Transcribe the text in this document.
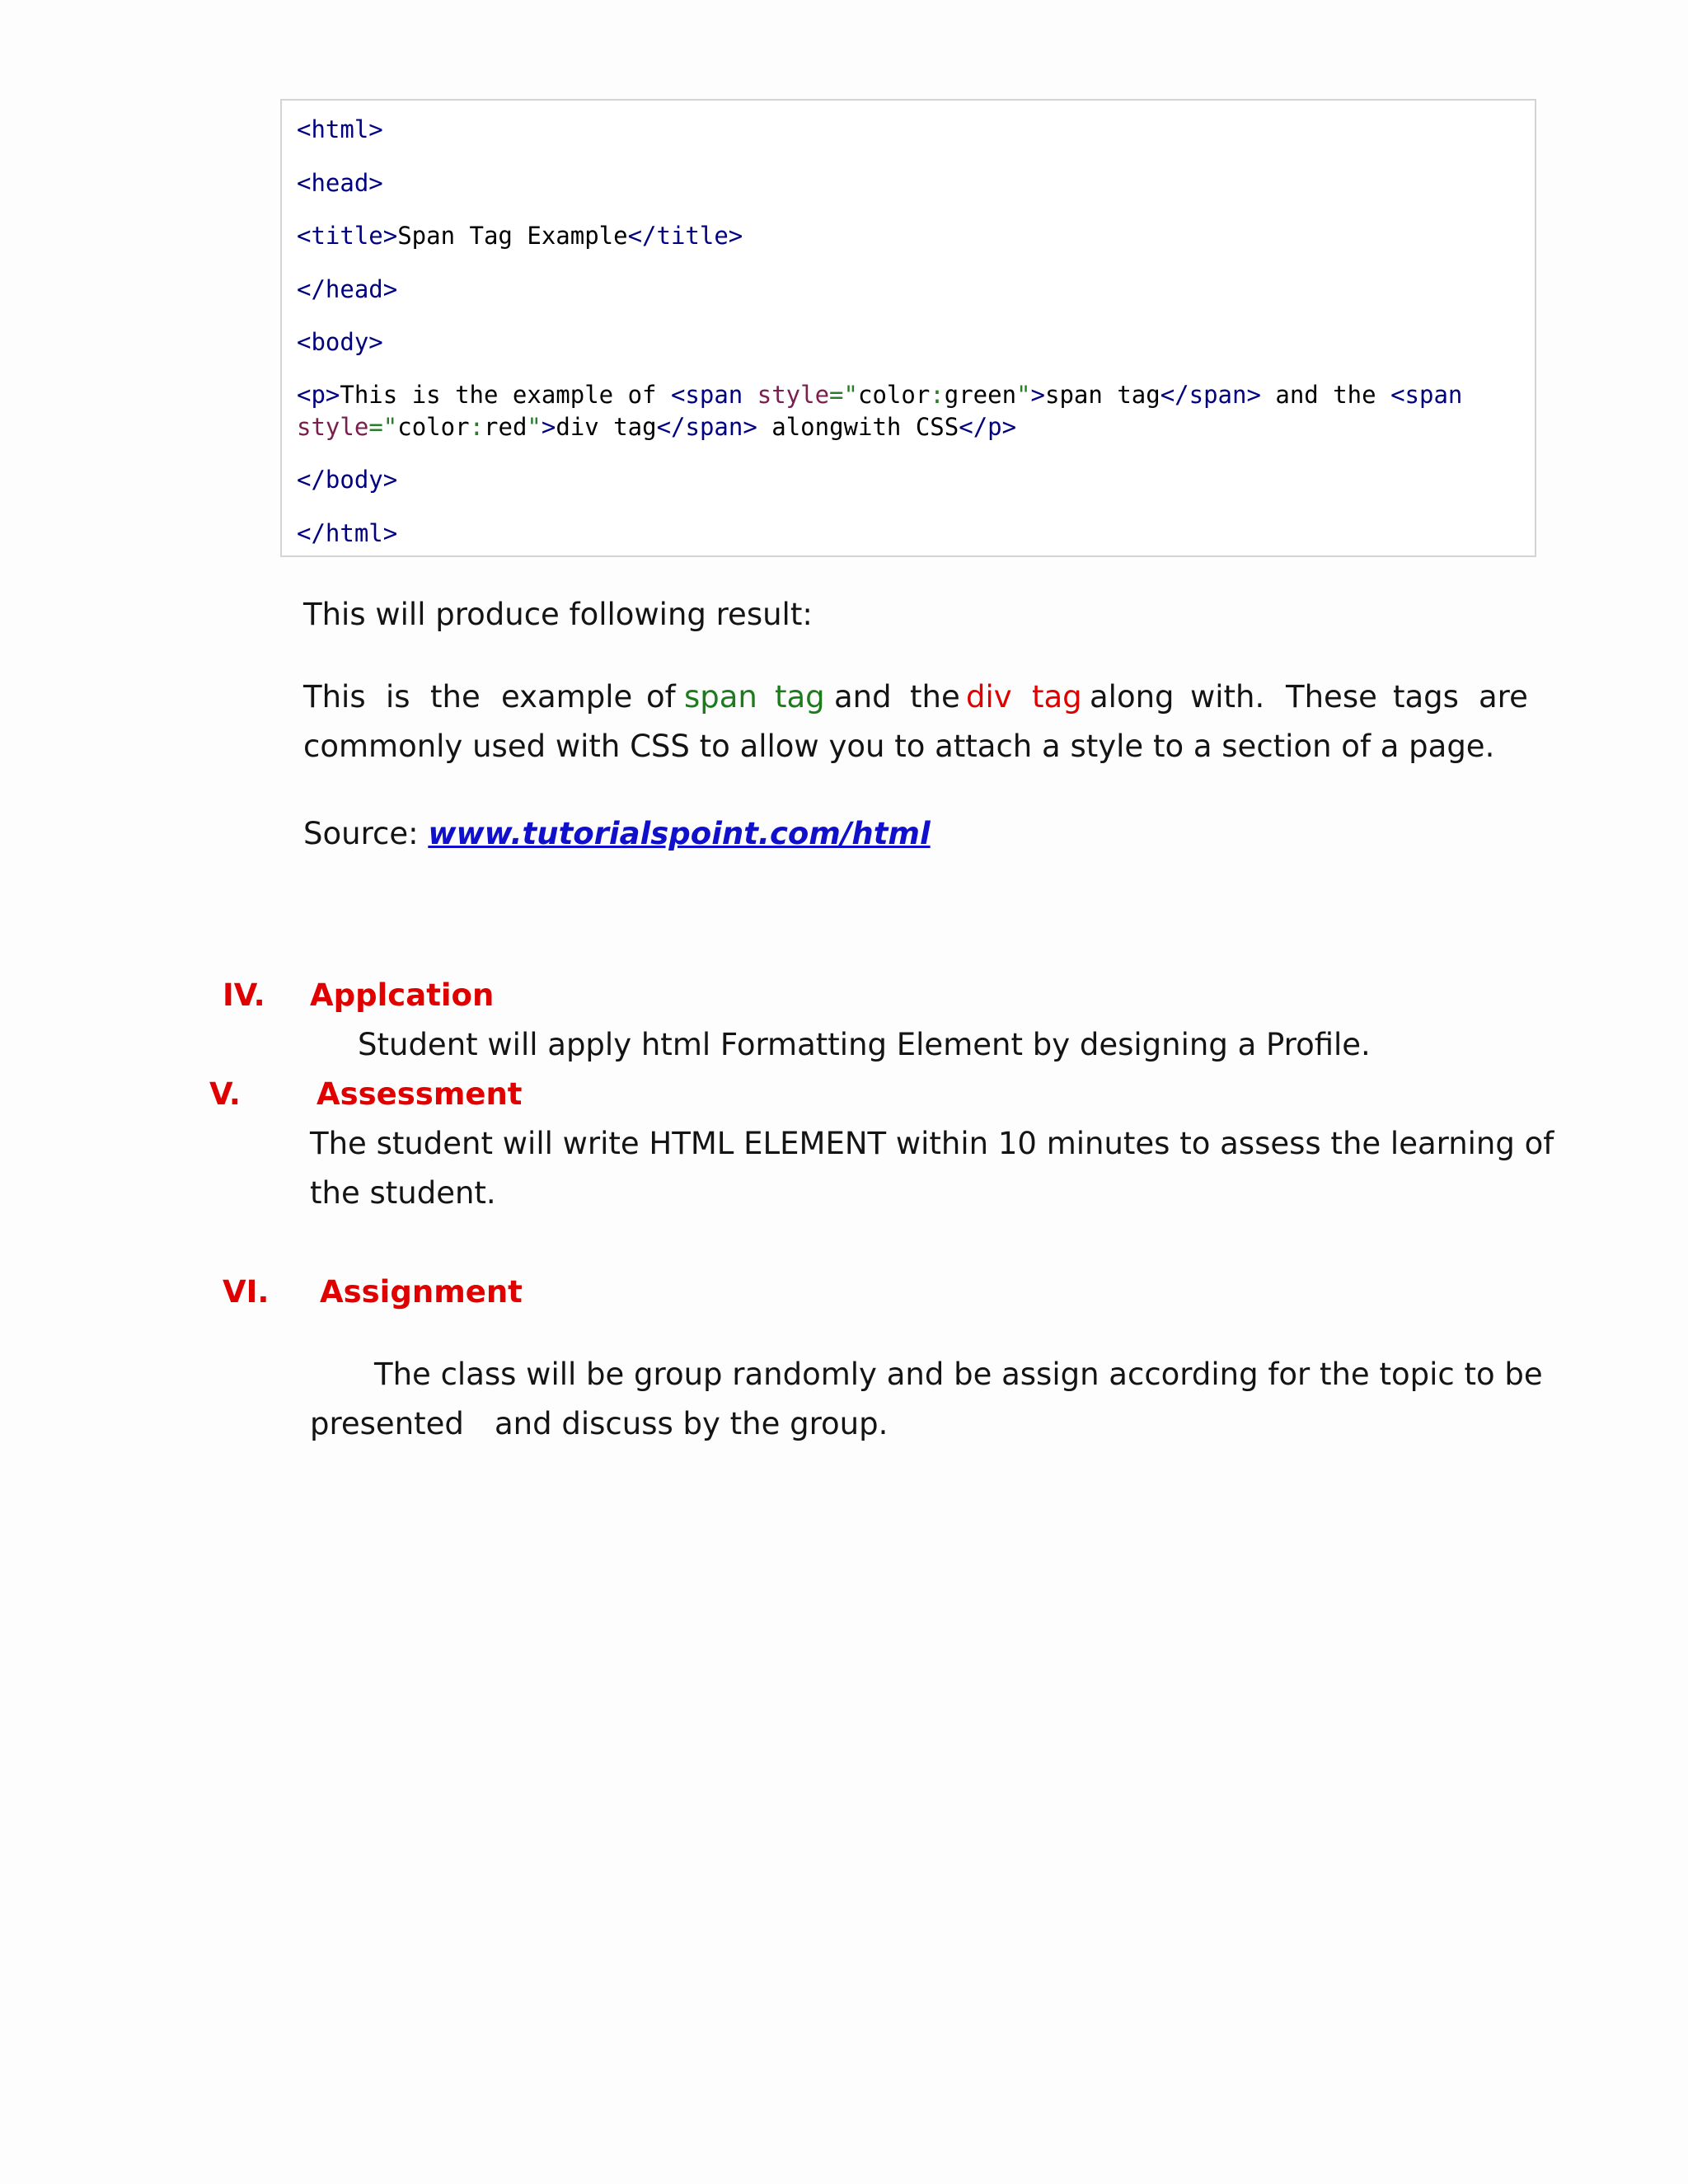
<html>
<head>
<title>Span Tag Example</title>
</head>
<body>
<p>This is the example of <span style="color:green">span tag</span> and the <span
style="color:red">div tag</span> alongwith CSS</p>
</body>
</html>
This will produce following result:
This is the example of span tag and the div tag along with. These tags are
commonly used with CSS to allow you to attach a style to a section of a page.
Source: www.tutorialspoint.com/html
IV. Applcation
Student will apply html Formatting Element by designing a Profile.
V. Assessment
The student will write HTML ELEMENT within 10 minutes to assess the learning of
the student.
VI. Assignment
The class will be group randomly and be assign according for the topic to be
presented and discuss by the group.
